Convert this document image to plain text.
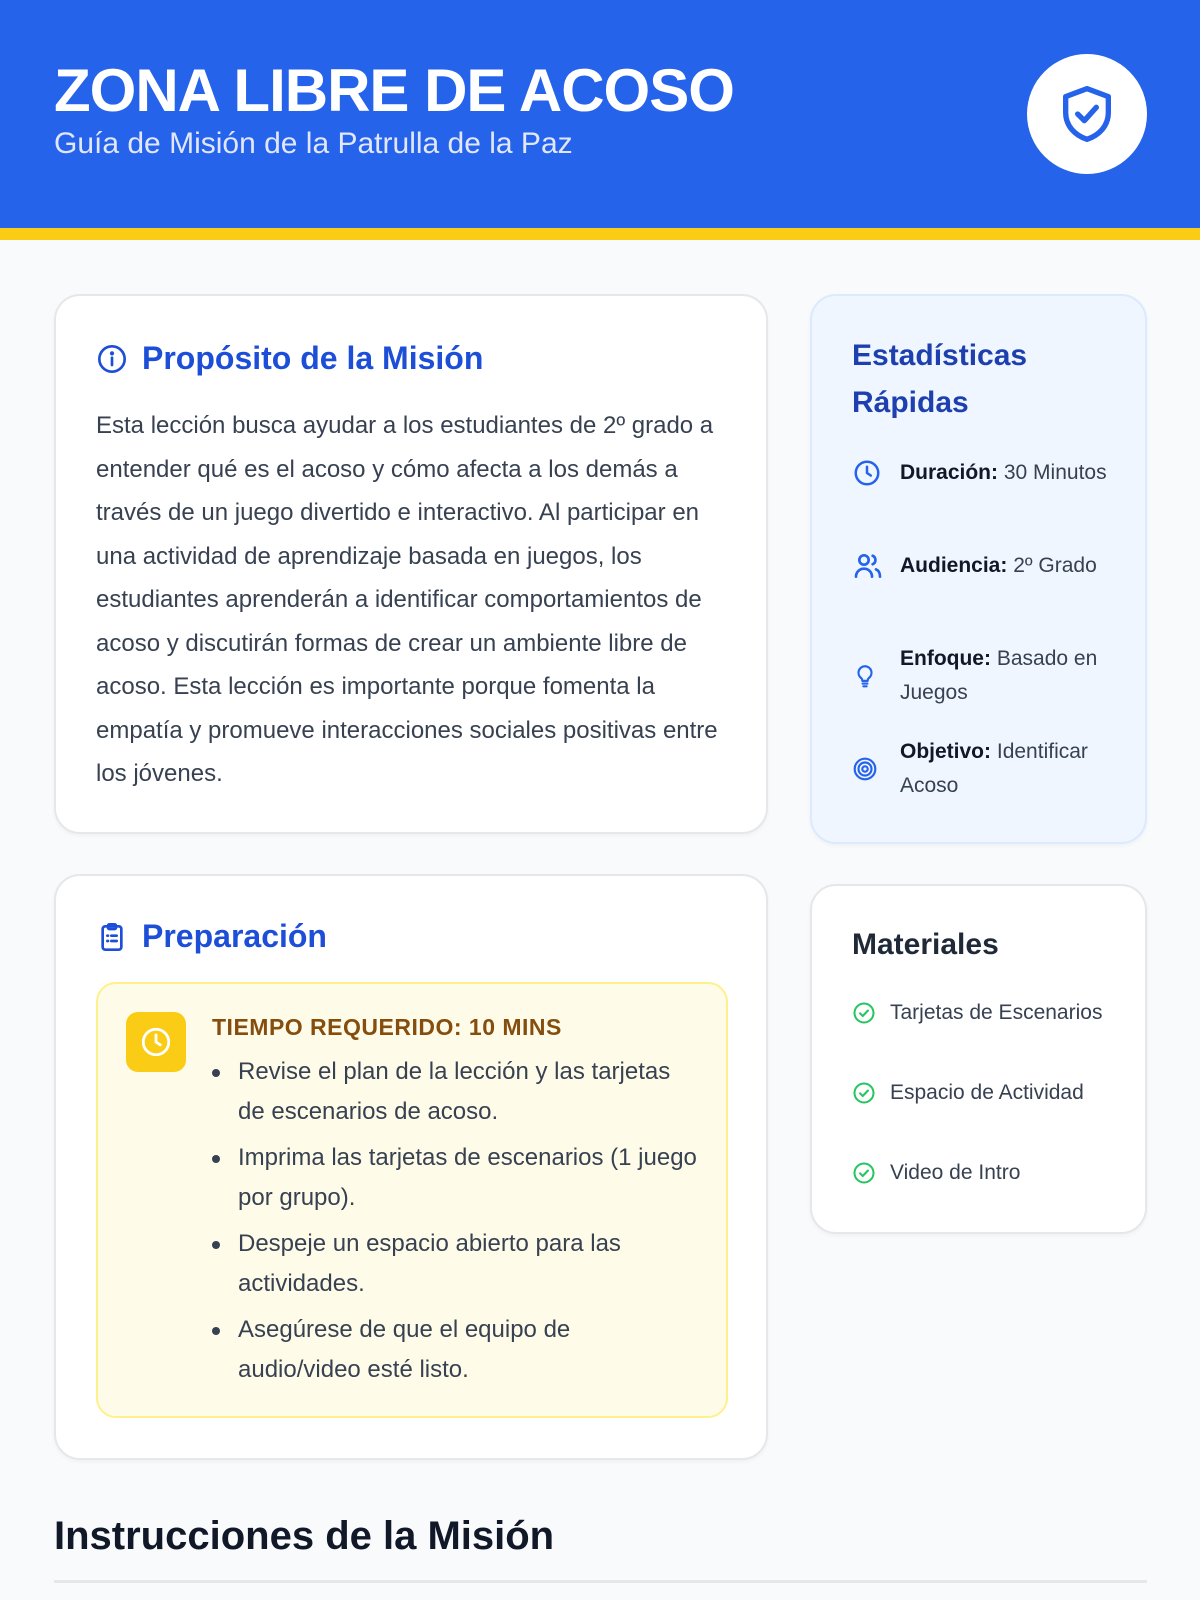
ZONA LIBRE DE ACOSO
Guía de Misión de la Patrulla de la Paz
Propósito de la Misión

Esta lección busca ayudar a los estudiantes de 2º grado a entender qué es el acoso y cómo afecta a los demás a través de un juego divertido e interactivo. Al participar en una actividad de aprendizaje basada en juegos, los estudiantes aprenderán a identificar comportamientos de acoso y discutirán formas de crear un ambiente libre de acoso. Esta lección es importante porque fomenta la empatía y promueve interacciones sociales positivas entre los jóvenes.

Preparación
TIEMPO REQUERIDO: 10 MINS
Revise el plan de la lección y las tarjetas de escenarios de acoso.
Imprima las tarjetas de escenarios (1 juego por grupo).
Despeje un espacio abierto para las actividades.
Asegúrese de que el equipo de audio/video esté listo.
Estadísticas Rápidas
Duración: 30 Minutos
Audiencia: 2º Grado
Enfoque: Basado en Juegos
Objetivo: Identificar Acoso
Materiales
Tarjetas de Escenarios
Espacio de Actividad
Video de Intro
Instrucciones de la Misión
